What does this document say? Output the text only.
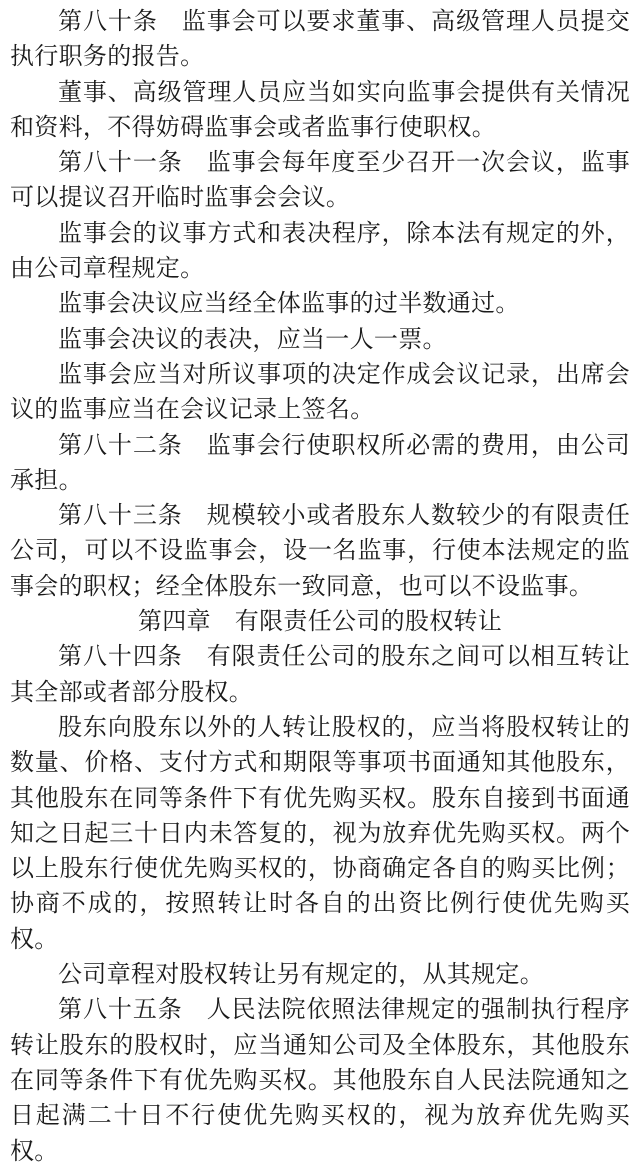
第八十条 监事会可以要求董事、高级管理人员提交执行职务的报告。

董事、高级管理人员应当如实向监事会提供有关情况和资料，不得妨碍监事会或者监事行使职权。

第八十一条 监事会每年度至少召开一次会议，监事可以提议召开临时监事会会议。

监事会的议事方式和表决程序，除本法有规定的外，由公司章程规定。

监事会决议应当经全体监事的过半数通过。

监事会决议的表决，应当一人一票。

监事会应当对所议事项的决定作成会议记录，出席会议的监事应当在会议记录上签名。

第八十二条 监事会行使职权所必需的费用，由公司承担。

第八十三条 规模较小或者股东人数较少的有限责任公司，可以不设监事会，设一名监事，行使本法规定的监事会的职权；经全体股东一致同意，也可以不设监事。

第四章 有限责任公司的股权转让

第八十四条 有限责任公司的股东之间可以相互转让其全部或者部分股权。

股东向股东以外的人转让股权的，应当将股权转让的数量、价格、支付方式和期限等事项书面通知其他股东，其他股东在同等条件下有优先购买权。股东自接到书面通知之日起三十日内未答复的，视为放弃优先购买权。两个以上股东行使优先购买权的，协商确定各自的购买比例；协商不成的，按照转让时各自的出资比例行使优先购买权。

公司章程对股权转让另有规定的，从其规定。

第八十五条 人民法院依照法律规定的强制执行程序转让股东的股权时，应当通知公司及全体股东，其他股东在同等条件下有优先购买权。其他股东自人民法院通知之日起满二十日不行使优先购买权的，视为放弃优先购买权。
